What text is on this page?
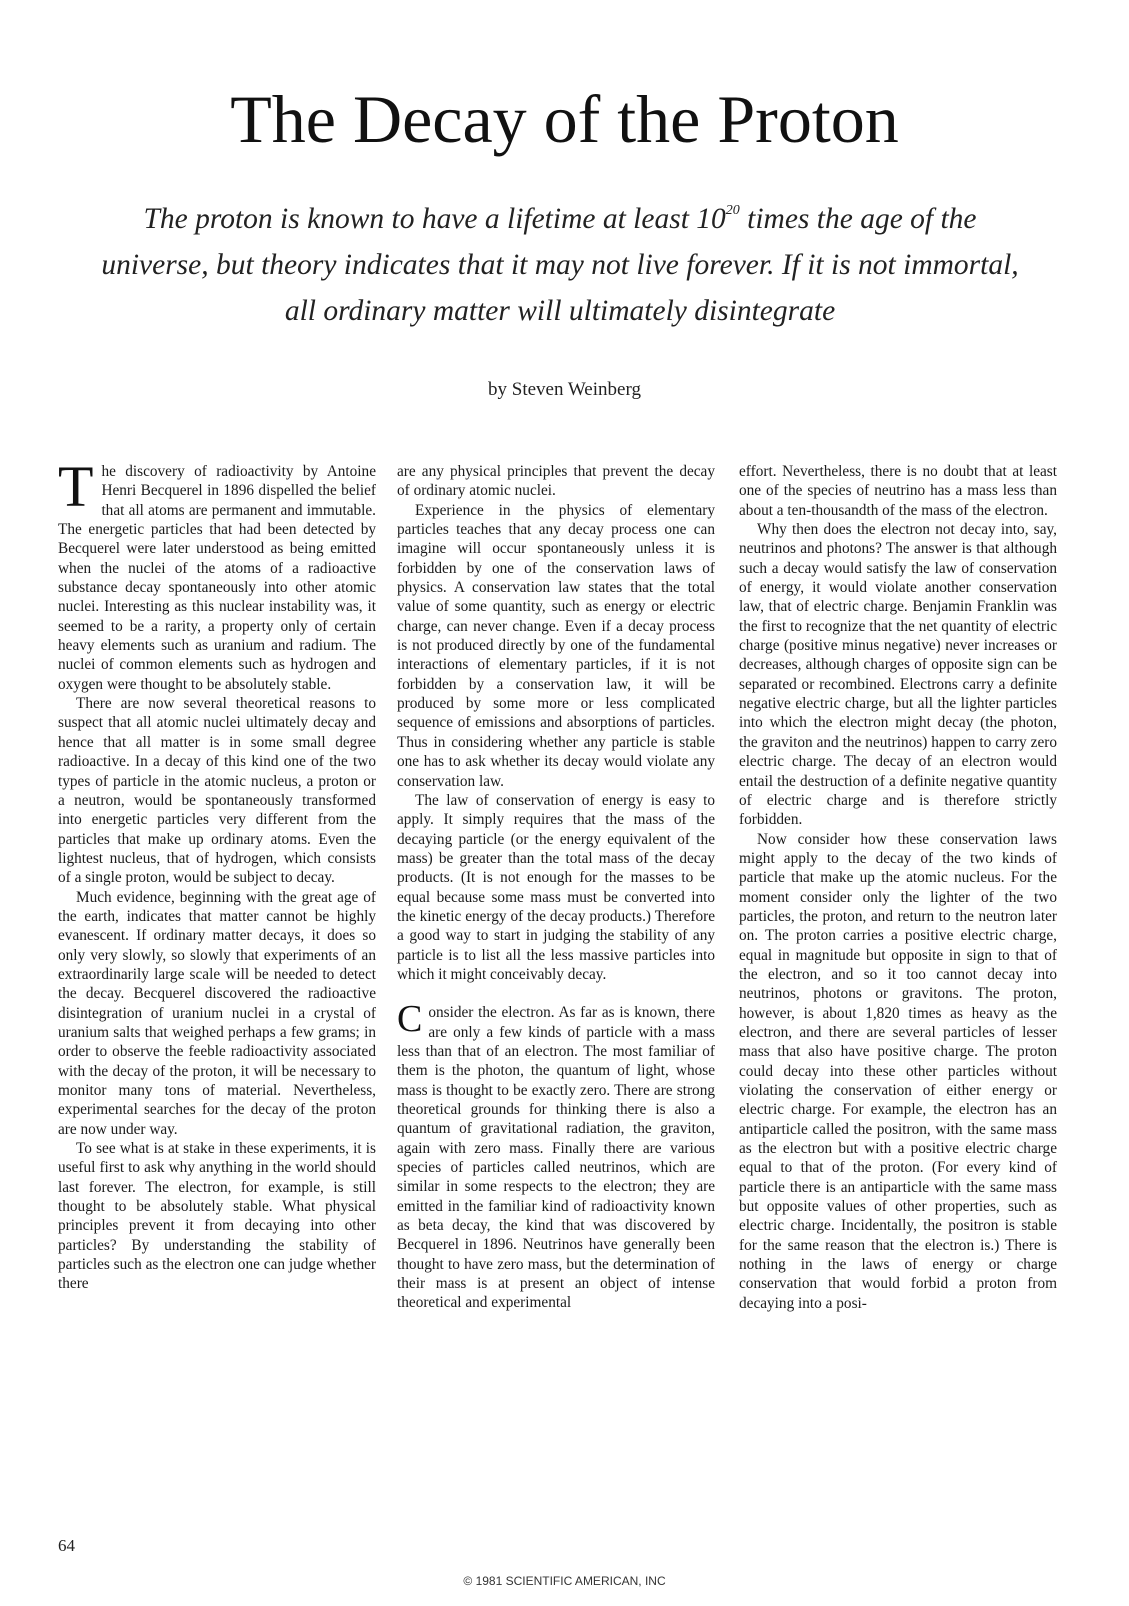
The Decay of the Proton
The proton is known to have a lifetime at least $10^{20}$ times the age of the universe, but theory indicates that it may not live forever. If it is not immortal, all ordinary matter will ultimately disintegrate
by Steven Weinberg

The discovery of radioactivity by Antoine Henri Becquerel in 1896 dispelled the belief that all atoms are permanent and immutable. The energetic particles that had been detected by Becquerel were later understood as being emitted when the nuclei of the atoms of a radioactive substance decay spontaneously into other atomic nuclei. Interesting as this nuclear instability was, it seemed to be a rarity, a property only of certain heavy elements such as uranium and radium. The nuclei of common elements such as hydrogen and oxygen were thought to be absolutely stable.

There are now several theoretical reasons to suspect that all atomic nuclei ultimately decay and hence that all matter is in some small degree radioactive. In a decay of this kind one of the two types of particle in the atomic nucleus, a proton or a neutron, would be spontaneously transformed into energetic particles very different from the particles that make up ordinary atoms. Even the lightest nucleus, that of hydrogen, which consists of a single proton, would be subject to decay.

Much evidence, beginning with the great age of the earth, indicates that matter cannot be highly evanescent. If ordinary matter decays, it does so only very slowly, so slowly that experiments of an extraordinarily large scale will be needed to detect the decay. Becquerel discovered the radioactive disintegration of uranium nuclei in a crystal of uranium salts that weighed perhaps a few grams; in order to observe the feeble radioactivity associated with the decay of the proton, it will be necessary to monitor many tons of material. Nevertheless, experimental searches for the decay of the proton are now under way.

To see what is at stake in these experiments, it is useful first to ask why anything in the world should last forever. The electron, for example, is still thought to be absolutely stable. What physical principles prevent it from decaying into other particles? By understanding the stability of particles such as the electron one can judge whether there

are any physical principles that prevent the decay of ordinary atomic nuclei.

Experience in the physics of elementary particles teaches that any decay process one can imagine will occur spontaneously unless it is forbidden by one of the conservation laws of physics. A conservation law states that the total value of some quantity, such as energy or electric charge, can never change. Even if a decay process is not produced directly by one of the fundamental interactions of elementary particles, if it is not forbidden by a conservation law, it will be produced by some more or less complicated sequence of emissions and absorptions of particles. Thus in considering whether any particle is stable one has to ask whether its decay would violate any conservation law.

The law of conservation of energy is easy to apply. It simply requires that the mass of the decaying particle (or the energy equivalent of the mass) be greater than the total mass of the decay products. (It is not enough for the masses to be equal because some mass must be converted into the kinetic energy of the decay products.) Therefore a good way to start in judging the stability of any particle is to list all the less massive particles into which it might conceivably decay.

Consider the electron. As far as is known, there are only a few kinds of particle with a mass less than that of an electron. The most familiar of them is the photon, the quantum of light, whose mass is thought to be exactly zero. There are strong theoretical grounds for thinking there is also a quantum of gravitational radiation, the graviton, again with zero mass. Finally there are various species of particles called neutrinos, which are similar in some respects to the electron; they are emitted in the familiar kind of radioactivity known as beta decay, the kind that was discovered by Becquerel in 1896. Neutrinos have generally been thought to have zero mass, but the determination of their mass is at present an object of intense theoretical and experimental

effort. Nevertheless, there is no doubt that at least one of the species of neutrino has a mass less than about a ten-thousandth of the mass of the electron.

Why then does the electron not decay into, say, neutrinos and photons? The answer is that although such a decay would satisfy the law of conservation of energy, it would violate another conservation law, that of electric charge. Benjamin Franklin was the first to recognize that the net quantity of electric charge (positive minus negative) never increases or decreases, although charges of opposite sign can be separated or recombined. Electrons carry a definite negative electric charge, but all the lighter particles into which the electron might decay (the photon, the graviton and the neutrinos) happen to carry zero electric charge. The decay of an electron would entail the destruction of a definite negative quantity of electric charge and is therefore strictly forbidden.

Now consider how these conservation laws might apply to the decay of the two kinds of particle that make up the atomic nucleus. For the moment consider only the lighter of the two particles, the proton, and return to the neutron later on. The proton carries a positive electric charge, equal in magnitude but opposite in sign to that of the electron, and so it too cannot decay into neutrinos, photons or gravitons. The proton, however, is about 1,820 times as heavy as the electron, and there are several particles of lesser mass that also have positive charge. The proton could decay into these other particles without violating the conservation of either energy or electric charge. For example, the electron has an antiparticle called the positron, with the same mass as the electron but with a positive electric charge equal to that of the proton. (For every kind of particle there is an antiparticle with the same mass but opposite values of other properties, such as electric charge. Incidentally, the positron is stable for the same reason that the electron is.) There is nothing in the laws of energy or charge conservation that would forbid a proton from decaying into a posi-

64
© 1981 SCIENTIFIC AMERICAN, INC
